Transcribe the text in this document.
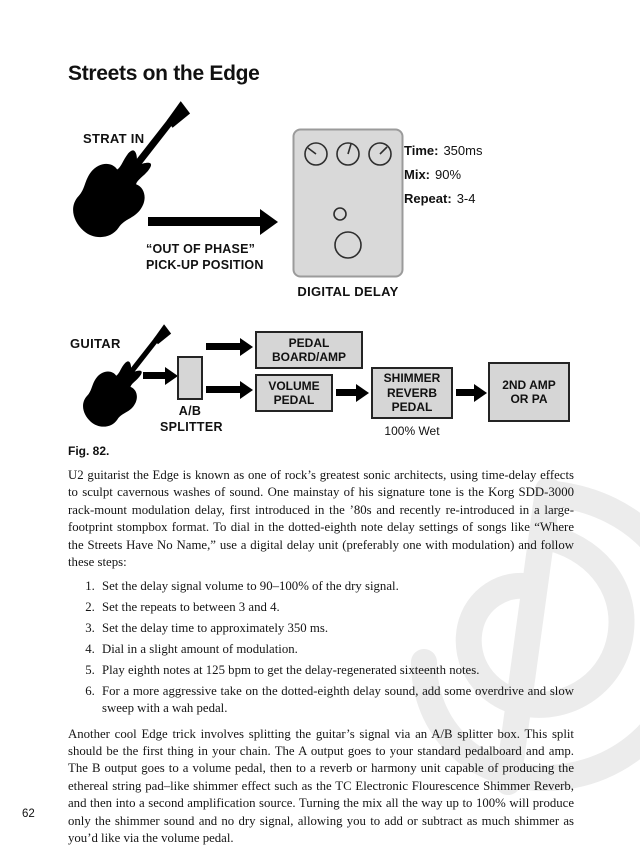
Streets on the Edge
STRAT IN
“OUT OF PHASE”
PICK-UP POSITION
DIGITAL DELAY
Time: 350ms
Mix: 90%
Repeat: 3-4
GUITAR
A/B SPLITTER
PEDAL BOARD/AMP
VOLUME PEDAL
SHIMMER REVERB PEDAL
100% Wet
2ND AMP OR PA
Fig. 82.

U2 guitarist the Edge is known as one of rock’s greatest sonic architects, using time-delay effects to sculpt cavernous washes of sound. One mainstay of his signature tone is the Korg SDD-3000 rack-mount modulation delay, first introduced in the ’80s and recently re-introduced in a large-footprint stompbox format. To dial in the dotted-eighth note delay settings of songs like “Where the Streets Have No Name,” use a digital delay unit (preferably one with modulation) and follow these steps:

1. Set the delay signal volume to 90–100% of the dry signal.
2. Set the repeats to between 3 and 4.
3. Set the delay time to approximately 350 ms.
4. Dial in a slight amount of modulation.
5. Play eighth notes at 125 bpm to get the delay-regenerated sixteenth notes.
6. For a more aggressive take on the dotted-eighth delay sound, add some overdrive and slow sweep with a wah pedal.

Another cool Edge trick involves splitting the guitar’s signal via an A/B splitter box. This split should be the first thing in your chain. The A output goes to your standard pedalboard and amp. The B output goes to a volume pedal, then to a reverb or harmony unit capable of producing the ethereal string pad–like shimmer effect such as the TC Electronic Flourescence Shimmer Reverb, and then into a second amplification source. Turning the mix all the way up to 100% will produce only the shimmer sound and no dry signal, allowing you to add or subtract as much shimmer as you’d like via the volume pedal.

62
